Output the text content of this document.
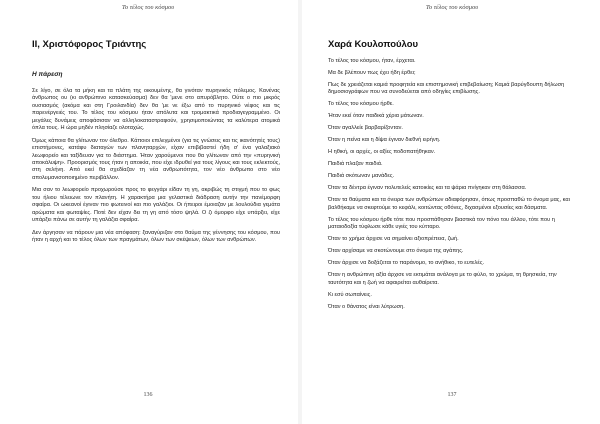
Το τέλος του κόσμου
ΙΙ, Χριστόφορος Τριάντης
Η πάρεση

Σε λίγο, σε όλα τα μήκη και τα πλάτη της οικουμένης, θα γινόταν πυρηνικός πόλεμος. Κανένας άνθρωπος ου (κι ανθρώπινο κατασκεύασμα) δεν θα 'μενε στο απυρόβλητο. Ούτε ο πιο μικρός ουσιασμός (ακόμα και στη Γροιλανδία) δεν θα 'με νε έξω από το πυρηνικό νέφος και τις παρενέργειές του. Το τέλος του κόσμου ήταν απόλυτα και τρομακτικά προδιαγεγραμμένο. Οι μεγάλες δυνάμεις αποφάσισαν να αλληλοκαταστραφούν, χρησιμοποιώντας τα καλύτερα ατομικά όπλα τους. Η ώρα μηδέν πλησίαζε ολοταχώς.

Όμως κάποια θα γλίτωναν τον όλεθρο. Κάποιοι επιλεγμένοι (για τις γνώσεις και τις ικανότητές τους) επιστήμονες, κατάφυ διαταγών των πλανηταρχών, είχαν επιβιβαστεί ήδη σ' ένα γαλαξιακό λεωφορείο και ταξίδευαν για το διάστημα. Ήταν χαρούμενοι που θα γλίτωναν από την «πυρηνική αποκάλυψη». Προορισμός τους ήταν η αποικία, που είχε ιδρυθεί για τους λίγους και τους εκλεκτούς, στη σελήνη. Από εκεί θα σχεδίαζαν τη νέα ανθρωπότητα, τον νέο άνθρωπο στο νέο απολυμανισοποιημένο περιβάλλον.

Μια σαν το λεωφορείο προχωρούσε προς το φεγγάρι είδαν τη γη, ακριβώς τη στιγμή που το φως του ήλιου τέλειωνε τον πλανήτη. Η χαρακτήρα μια γελαστικά διάδραση αυτήν την πανέμορφη σφαίρα. Οι ωκεανοί έγιναν πιο φωτεινοί και πιο γαλάζιοι. Οι ήπειροι έμοιαζαν με λουλούδια γεμάτα αρώματα και φωταψίες. Ποτέ δεν είχαν δει τη γη από τόσο ψηλά. Ο ζι όμορφο είχε υπάρξει, είχε υπάρξει πάνω σε αυτήν τη γαλάζια σφαίρα.

Δεν άργησαν να πάρουν μια νέα απόφαση: ξαναγύριζαν στο θαύμα της γέννησης του κόσμου, που ήταν η αρχή και το τέλος όλων των πραγμάτων, όλων των σκέψεων, όλων των ανθρώπων.

136
Το τέλος του κόσμου
Χαρά Κουλοπούλου

Το τέλος του κόσμου, ήταν, έρχεται.

Μα δε βλέπουν πως έχει ήδη έρθει;

Πως δε χρειάζεται καμιά προφητεία και επιστημονική επιβεβαίωση; Καμιά βαρύγδουπη δήλωση δημοσιογράφων που να συνοδεύεται από οδηγίες επιβίωσης.

Το τέλος του κόσμου ήρθε.

Ήταν εκεί όταν παιδικά χέρια μάτωναν.

Όταν αγαλλείε βαρβαρίζονταν.

Όταν η πείνα και η δίψα έγιναν διεθνή ειρήνη.

Η ηθική, οι αρχές, οι αξίες ποδοπατήθηκαν.

Παιδιά πλαζαν παιδιά.

Παιδιά σκότωναν μανάδες.

Όταν τα δέντρα έγιναν πολυτελείς κατοικίες και τα ψάρια πνίγηκαν στη θάλασσα.

Όταν τα θαύματα και τα όνειρα των ανθρώπων αδιαφόρησαν, όπως προσπαθώ το όνομα μας, και βαλθήκαμε να σκεφτούμε το κεφάλι, κοιτώντας οθόνες, διχασμένοι εξουσίες και δάσματα.

Το τέλος του κόσμου ήρθε τότε που προσπάθησαν βιαστικά τον πόνο του άλλου, τότε που η ματαιοδοξία τύφλωσε κάθε υγιές του κύτταρο.

Όταν το χρήμα άρχισε να σημαίνει αξιοπρέπεια, ζωή.

Όταν αρχίσαμε να σκοτώνουμε στο όνομα της αγάπης.

Όταν άρχισε να δοξάζεται το παράνομο, το ανήθικο, το ευτελές.

Όταν η ανθρώπινη αξία άρχισε να εκτιμάται ανάλογα με το φύλο, το χρώμα, τη θρησκεία, την ταυτότητα και η ζωή να αφαιρείται αυθαίρετα.

Κι εσύ σωπαίνεις.

Όταν ο θάνατος είναι λύτρωση.

137
